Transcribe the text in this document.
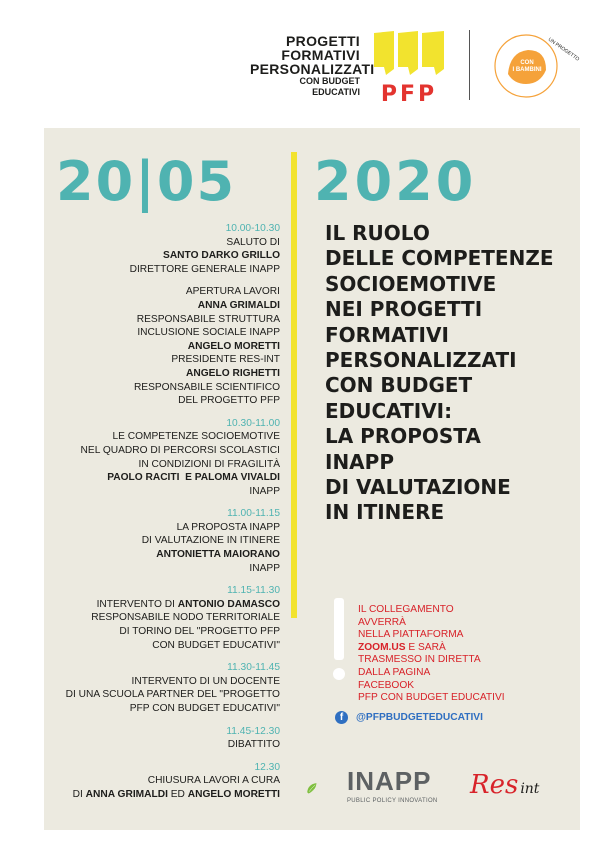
PROGETTI
FORMATIVI
PERSONALIZZATI
CON BUDGET EDUCATIVI PFP
UN PROGETTO
CON
I BAMBINI
20|05 2020
10.00-10.30
SALUTO DI
SANTO DARKO GRILLO
DIRETTORE GENERALE INAPP
APERTURA LAVORI
ANNA GRIMALDI
RESPONSABILE STRUTTURA
INCLUSIONE SOCIALE INAPP
ANGELO MORETTI
PRESIDENTE RES-INT
ANGELO RIGHETTI
RESPONSABILE SCIENTIFICO
DEL PROGETTO PFP
10.30-11.00
LE COMPETENZE SOCIOEMOTIVE
NEL QUADRO DI PERCORSI SCOLASTICI
IN CONDIZIONI DI FRAGILITÀ
PAOLO RACITI  E PALOMA VIVALDI
INAPP
11.00-11.15
LA PROPOSTA INAPP
DI VALUTAZIONE IN ITINERE
ANTONIETTA MAIORANO
INAPP
11.15-11.30
INTERVENTO DI ANTONIO DAMASCO
RESPONSABILE NODO TERRITORIALE
DI TORINO DEL "PROGETTO PFP
CON BUDGET EDUCATIVI"
11.30-11.45
INTERVENTO DI UN DOCENTE
DI UNA SCUOLA PARTNER DEL "PROGETTO
PFP CON BUDGET EDUCATIVI"
11.45-12.30
DIBATTITO
12.30
CHIUSURA LAVORI A CURA
DI ANNA GRIMALDI ED ANGELO MORETTI
IL RUOLO
DELLE COMPETENZE
SOCIOEMOTIVE
NEI PROGETTI
FORMATIVI
PERSONALIZZATI
CON BUDGET
EDUCATIVI:
LA PROPOSTA
INAPP
DI VALUTAZIONE
IN ITINERE
IL COLLEGAMENTO
AVVERRÀ
NELLA PIATTAFORMA
ZOOM.US E SARÀ
TRASMESSO IN DIRETTA
DALLA PAGINA
FACEBOOK
PFP CON BUDGET EDUCATIVI
f	@PFPBUDGETEDUCATIVI
INAPP
PUBLIC POLICY INNOVATION
Res int
